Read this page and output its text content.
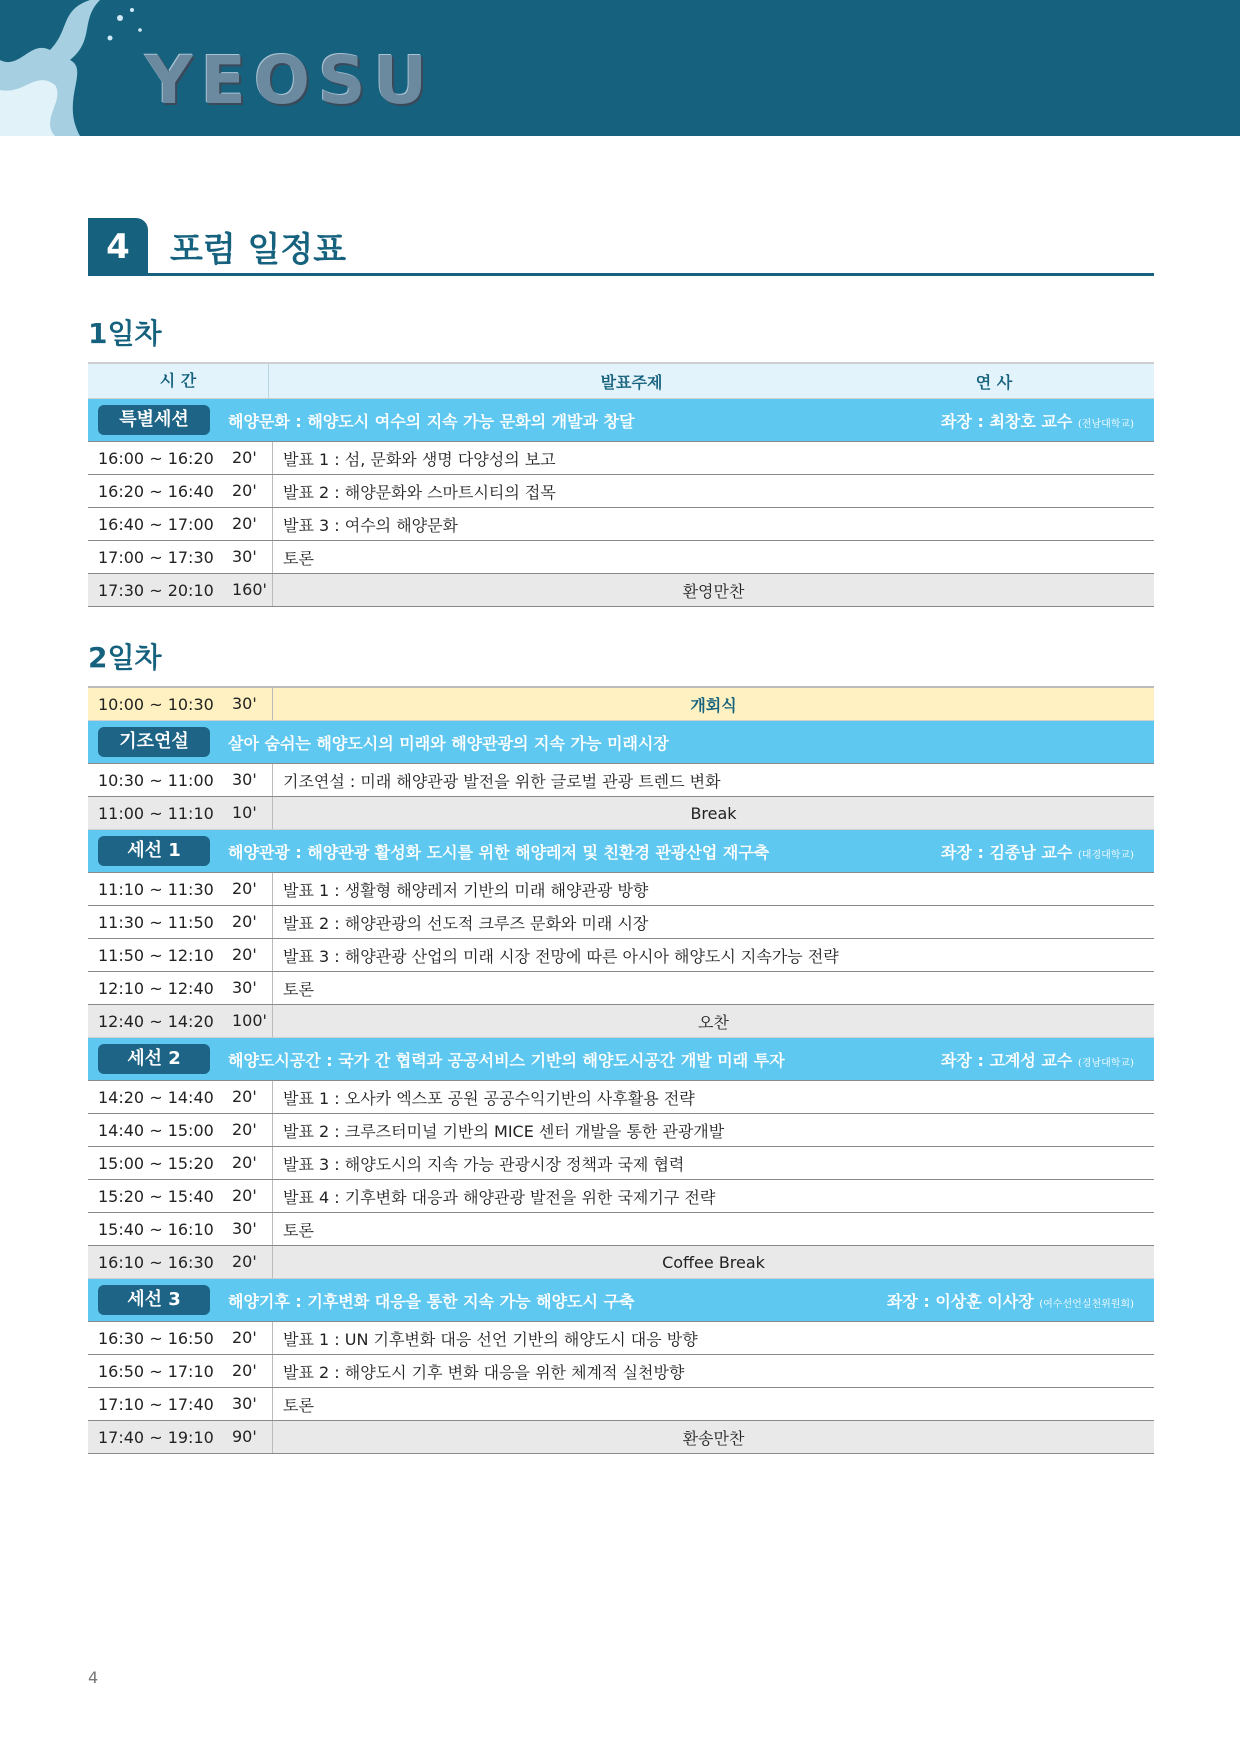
YEOSU
4	포럼 일정표
1일차
시 간	발표주제	연 사
특별세션	해양문화 : 해양도시 여수의 지속 가능 문화의 개발과 창달	좌장 : 최창호 교수 (전남대학교)
16:00 ~ 16:20	20'	발표 1 : 섬, 문화와 생명 다양성의 보고
16:20 ~ 16:40	20'	발표 2 : 해양문화와 스마트시티의 접목
16:40 ~ 17:00	20'	발표 3 : 여수의 해양문화
17:00 ~ 17:30	30'	토론
17:30 ~ 20:10	160'	환영만찬
2일차
10:00 ~ 10:30	30'	개회식
기조연설	살아 숨쉬는 해양도시의 미래와 해양관광의 지속 가능 미래시장
10:30 ~ 11:00	30'	기조연설 : 미래 해양관광 발전을 위한 글로벌 관광 트렌드 변화
11:00 ~ 11:10	10'	Break
세선 1	해양관광 : 해양관광 활성화 도시를 위한 해양레저 및 친환경 관광산업 재구축	좌장 : 김종남 교수 (대경대학교)
11:10 ~ 11:30	20'	발표 1 : 생활형 해양레저 기반의 미래 해양관광 방향
11:30 ~ 11:50	20'	발표 2 : 해양관광의 선도적 크루즈 문화와 미래 시장
11:50 ~ 12:10	20'	발표 3 : 해양관광 산업의 미래 시장 전망에 따른 아시아 해양도시 지속가능 전략
12:10 ~ 12:40	30'	토론
12:40 ~ 14:20	100'	오찬
세선 2	해양도시공간 : 국가 간 협력과 공공서비스 기반의 해양도시공간 개발 미래 투자	좌장 : 고계성 교수 (경남대학교)
14:20 ~ 14:40	20'	발표 1 : 오사카 엑스포 공원 공공수익기반의 사후활용 전략
14:40 ~ 15:00	20'	발표 2 : 크루즈터미널 기반의 MICE 센터 개발을 통한 관광개발
15:00 ~ 15:20	20'	발표 3 : 해양도시의 지속 가능 관광시장 정책과 국제 협력
15:20 ~ 15:40	20'	발표 4 : 기후변화 대응과 해양관광 발전을 위한 국제기구 전략
15:40 ~ 16:10	30'	토론
16:10 ~ 16:30	20'	Coffee Break
세선 3	해양기후 : 기후변화 대응을 통한 지속 가능 해양도시 구축	좌장 : 이상훈 이사장 (여수선언실천위원회)
16:30 ~ 16:50	20'	발표 1 : UN 기후변화 대응 선언 기반의 해양도시 대응 방향
16:50 ~ 17:10	20'	발표 2 : 해양도시 기후 변화 대응을 위한 체계적 실천방향
17:10 ~ 17:40	30'	토론
17:40 ~ 19:10	90'	환송만찬
4
